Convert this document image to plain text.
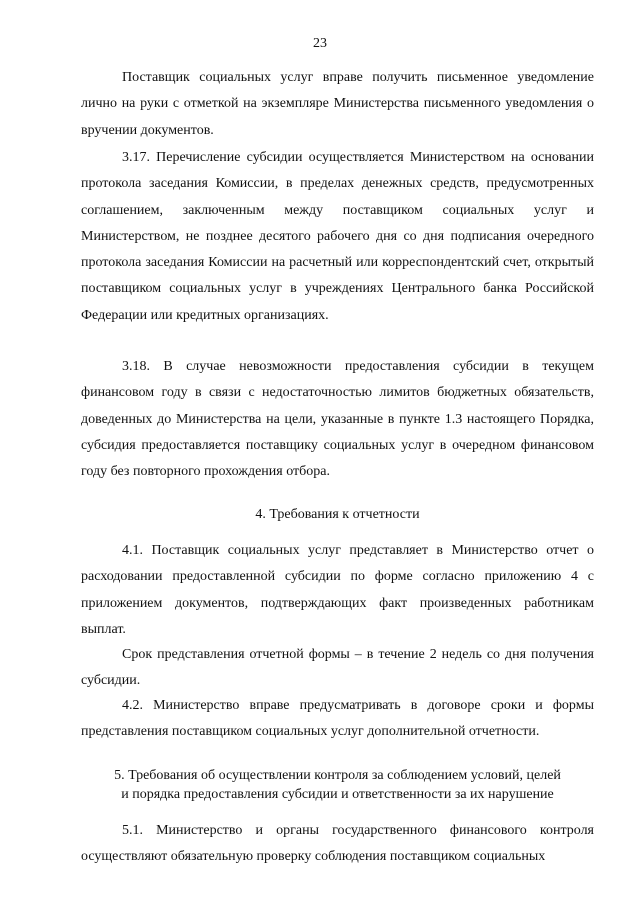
23

Поставщик социальных услуг вправе получить письменное уведомление лично на руки с отметкой на экземпляре Министерства письменного уведомления о вручении документов.

3.17. Перечисление субсидии осуществляется Министерством на основании протокола заседания Комиссии, в пределах денежных средств, предусмотренных соглашением, заключенным между поставщиком социальных услуг и Министерством, не позднее десятого рабочего дня со дня подписания очередного протокола заседания Комиссии на расчетный или корреспондентский счет, открытый поставщиком социальных услуг в учреждениях Центрального банка Российской Федерации или кредитных организациях.

3.18. В случае невозможности предоставления субсидии в текущем финансовом году в связи с недостаточностью лимитов бюджетных обязательств, доведенных до Министерства на цели, указанные в пункте 1.3 настоящего Порядка, субсидия предоставляется поставщику социальных услуг в очередном финансовом году без повторного прохождения отбора.

4. Требования к отчетности

4.1. Поставщик социальных услуг представляет в Министерство отчет о расходовании предоставленной субсидии по форме согласно приложению 4 с приложением документов, подтверждающих факт произведенных работникам выплат.

Срок представления отчетной формы – в течение 2 недель со дня получения субсидии.

4.2. Министерство вправе предусматривать в договоре сроки и формы представления поставщиком социальных услуг дополнительной отчетности.

5. Требования об осуществлении контроля за соблюдением условий, целей
и порядка предоставления субсидии и ответственности за их нарушение

5.1. Министерство и органы государственного финансового контроля осуществляют обязательную проверку соблюдения поставщиком социальных
